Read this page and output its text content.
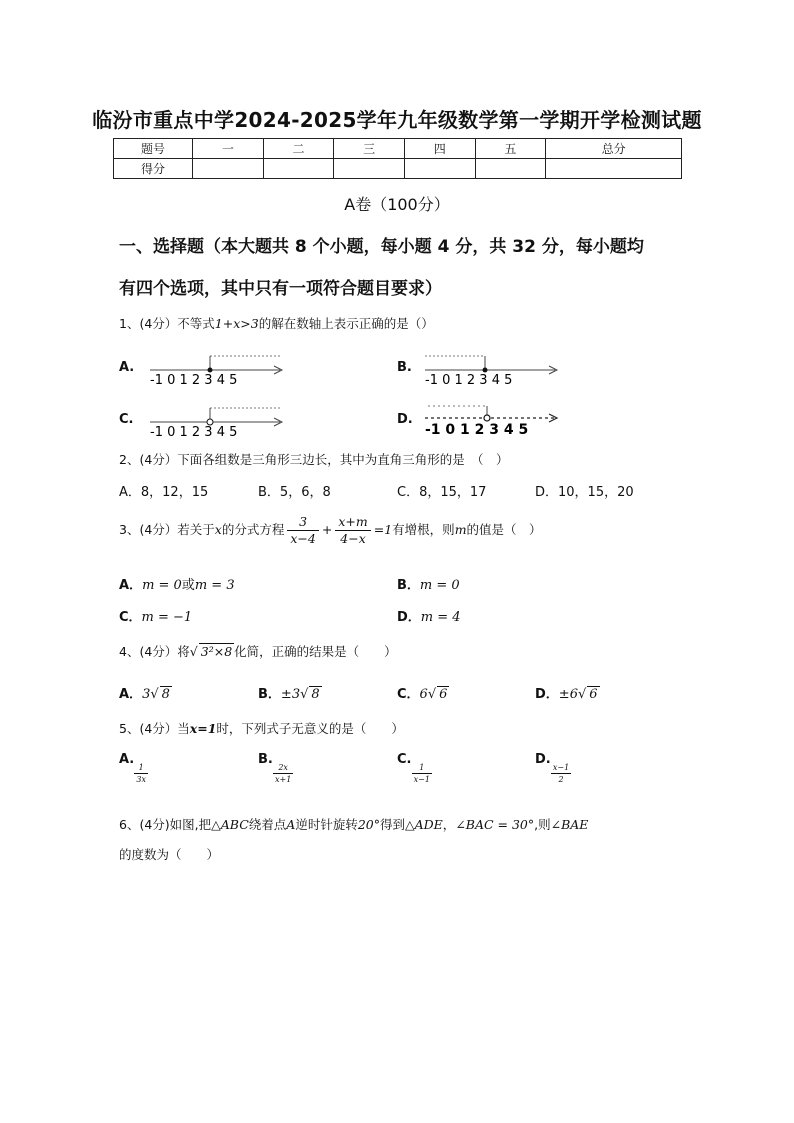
临汾市重点中学2024-2025学年九年级数学第一学期开学检测试题
题号	一	二	三	四	五	总分
得分						
A卷（100分）
一、选择题（本大题共 8 个小题，每小题 4 分，共 32 分，每小题均
有四个选项，其中只有一项符合题目要求）
1、(4分）不等式1+x>3的解在数轴上表示正确的是（）
A.
-1 0 1 2 3 4 5
B.
-1 0 1 2 3 4 5
C.
-1 0 1 2 3 4 5
D.
-1 0 1 2 3 4 5
2、(4分）下面各组数是三角形三边长，其中为直角三角形的是　（　）
A．8，12，15	B．5，6，8	C．8，15，17	D．10，15，20
3、(4分）若关于x的分式方程 $\frac{3}{x-4} + \frac{x+m}{4-x} =1$有增根，则m的值是（　）
A．m = 0或m = 3	B．m = 0
C．m = −1	D．m = 4
4、(4分）将√ 3²×8 化简，正确的结果是（　　）
A．3√ 8	B．±3√ 8	C．6√ 6	D．±6√ 6
5、(4分）当x=1时，下列式子无意义的是（　　）
A.
$\frac{1}{3x}$
B.
$\frac{2x}{x+1}$
C.
$\frac{1}{x-1}$
D.
$\frac{x-1}{2}$
6、(4分)如图,把△ABC绕着点A逆时针旋转20°得到△ADE，∠BAC = 30°,则∠BAE
的度数为（　　）
